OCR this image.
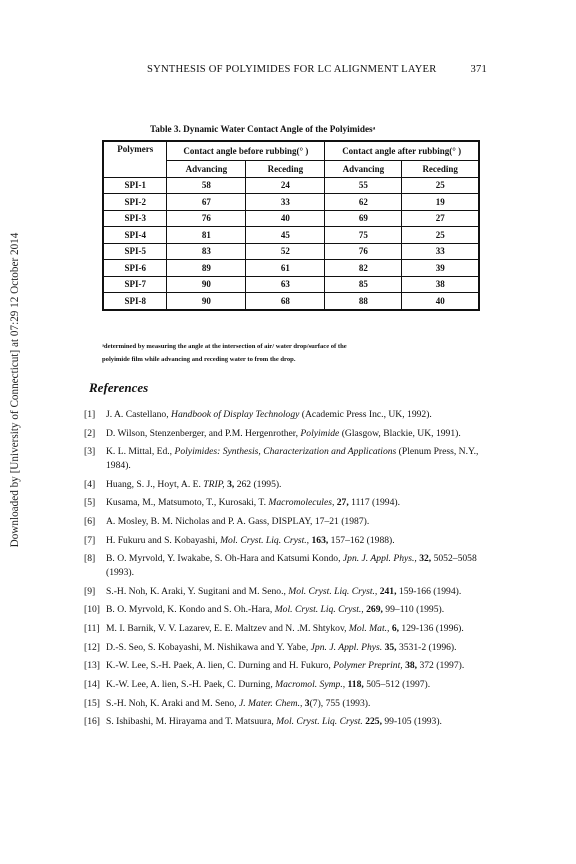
Downloaded by [University of Connecticut] at 07:29 12 October 2014
SYNTHESIS OF POLYIMIDES FOR LC ALIGNMENT LAYER	371
Table 3. Dynamic Water Contact Angle of the Polyimidesᵃ
Polymers	Contact angle before rubbing(° )		Contact angle after rubbing(° )	
	Advancing	Receding	Advancing	Receding
SPI-1	58	24	55	25
SPI-2	67	33	62	19
SPI-3	76	40	69	27
SPI-4	81	45	75	25
SPI-5	83	52	76	33
SPI-6	89	61	82	39
SPI-7	90	63	85	38
SPI-8	90	68	88	40
ᵃdetermined by measuring the angle at the intersection of air/ water drop/surface of the
polyimide film while advancing and receding water to from the drop.
References
[1]	J. A. Castellano, Handbook of Display Technology (Academic Press Inc., UK, 1992).
[2]	D. Wilson, Stenzenberger, and P.M. Hergenrother, Polyimide (Glasgow, Blackie, UK, 1991).
[3]	K. L. Mittal, Ed., Polyimides: Synthesis, Characterization and Applications (Plenum Press, N.Y., 1984).
[4]	Huang, S. J., Hoyt, A. E. TRIP, 3, 262 (1995).
[5]	Kusama, M., Matsumoto, T., Kurosaki, T. Macromolecules, 27, 1117 (1994).
[6]	A. Mosley, B. M. Nicholas and P. A. Gass, DISPLAY, 17–21 (1987).
[7]	H. Fukuru and S. Kobayashi, Mol. Cryst. Liq. Cryst., 163, 157–162 (1988).
[8]	B. O. Myrvold, Y. Iwakabe, S. Oh-Hara and Katsumi Kondo, Jpn. J. Appl. Phys., 32, 5052–5058 (1993).
[9]	S.-H. Noh, K. Araki, Y. Sugitani and M. Seno., Mol. Cryst. Liq. Cryst., 241, 159-166 (1994).
[10] B. O. Myrvold, K. Kondo and S. Oh.-Hara, Mol. Cryst. Liq. Cryst., 269, 99–110 (1995).
[11] M. I. Barnik, V. V. Lazarev, E. E. Maltzev and N. .M. Shtykov, Mol. Mat., 6, 129-136 (1996).
[12] D.-S. Seo, S. Kobayashi, M. Nishikawa and Y. Yabe, Jpn. J. Appl. Phys. 35, 3531-2 (1996).
[13] K.-W. Lee, S.-H. Paek, A. lien, C. Durning and H. Fukuro, Polymer Preprint, 38, 372 (1997).
[14] K.-W. Lee, A. lien, S.-H. Paek, C. Durning, Macromol. Symp., 118, 505–512 (1997).
[15] S.-H. Noh, K. Araki and M. Seno, J. Mater. Chem., 3(7), 755 (1993).
[16] S. Ishibashi, M. Hirayama and T. Matsuura, Mol. Cryst. Liq. Cryst. 225, 99-105 (1993).
